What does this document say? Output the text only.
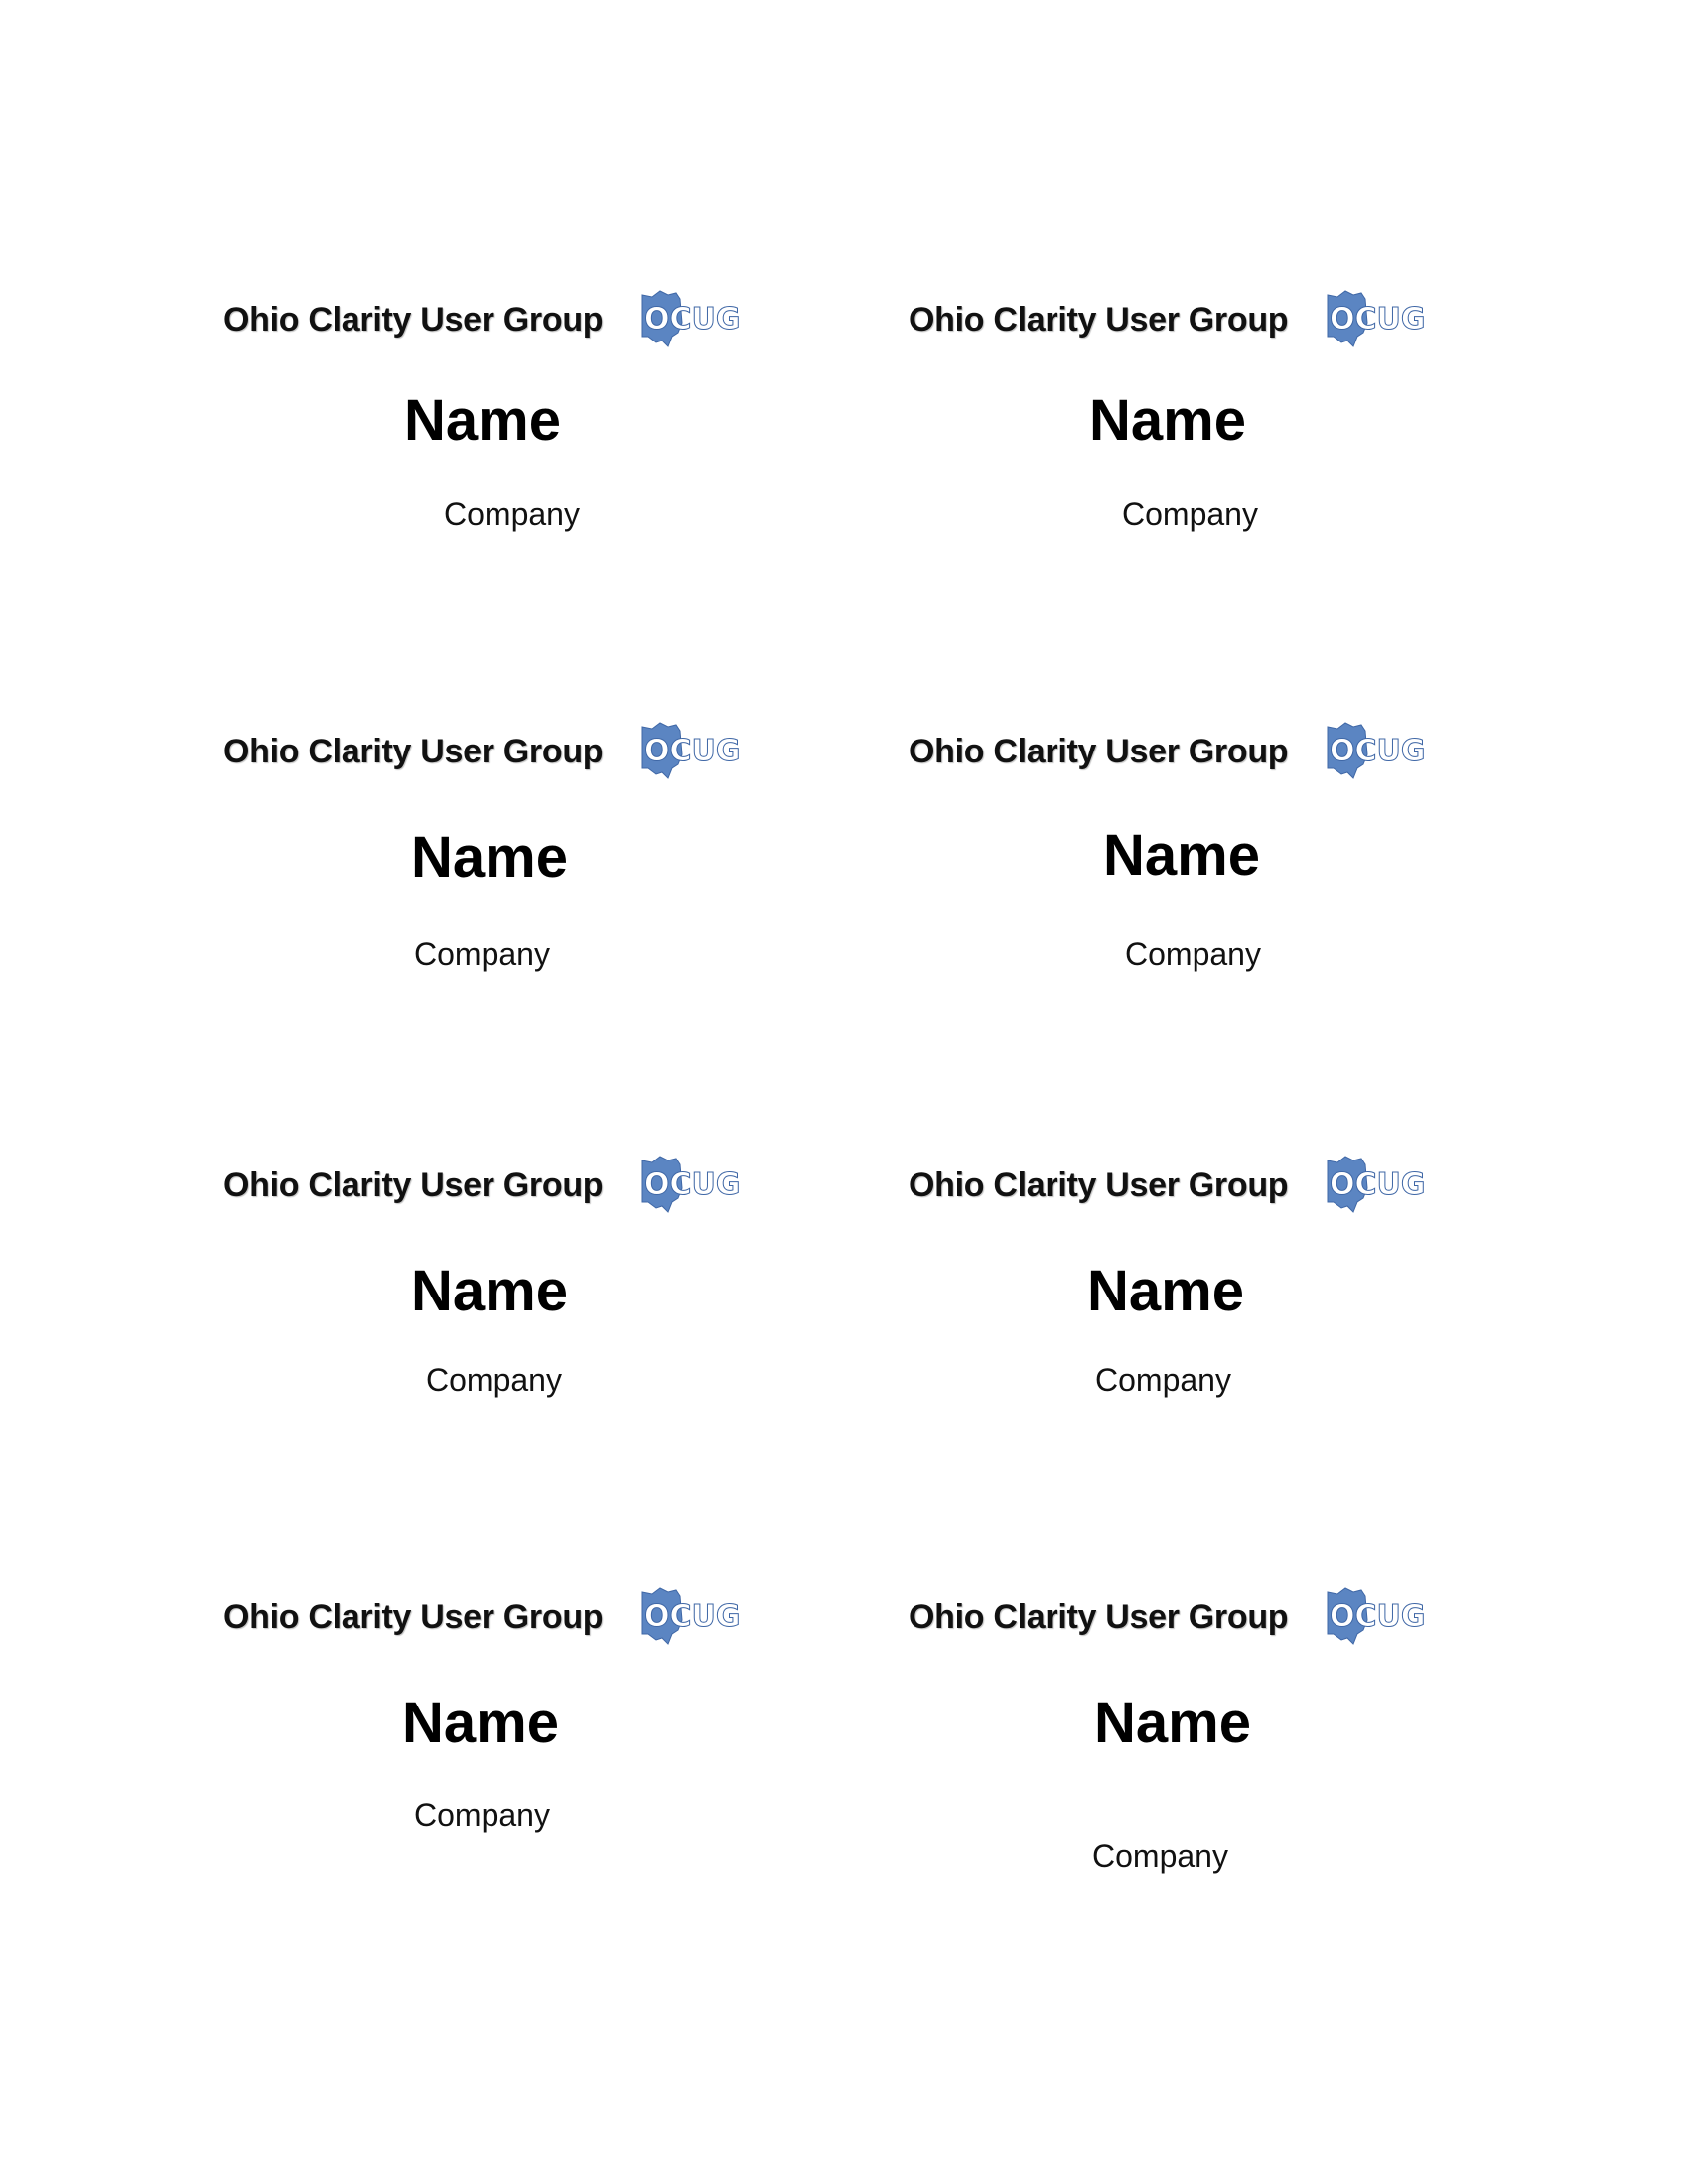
Ohio Clarity User Group OCUG
Name
Company
Ohio Clarity User Group OCUG
Name
Company
Ohio Clarity User Group OCUG
Name
Company
Ohio Clarity User Group OCUG
Name
Company
Ohio Clarity User Group OCUG
Name
Company
Ohio Clarity User Group OCUG
Name
Company
Ohio Clarity User Group OCUG
Name
Company
Ohio Clarity User Group OCUG
Name
Company
